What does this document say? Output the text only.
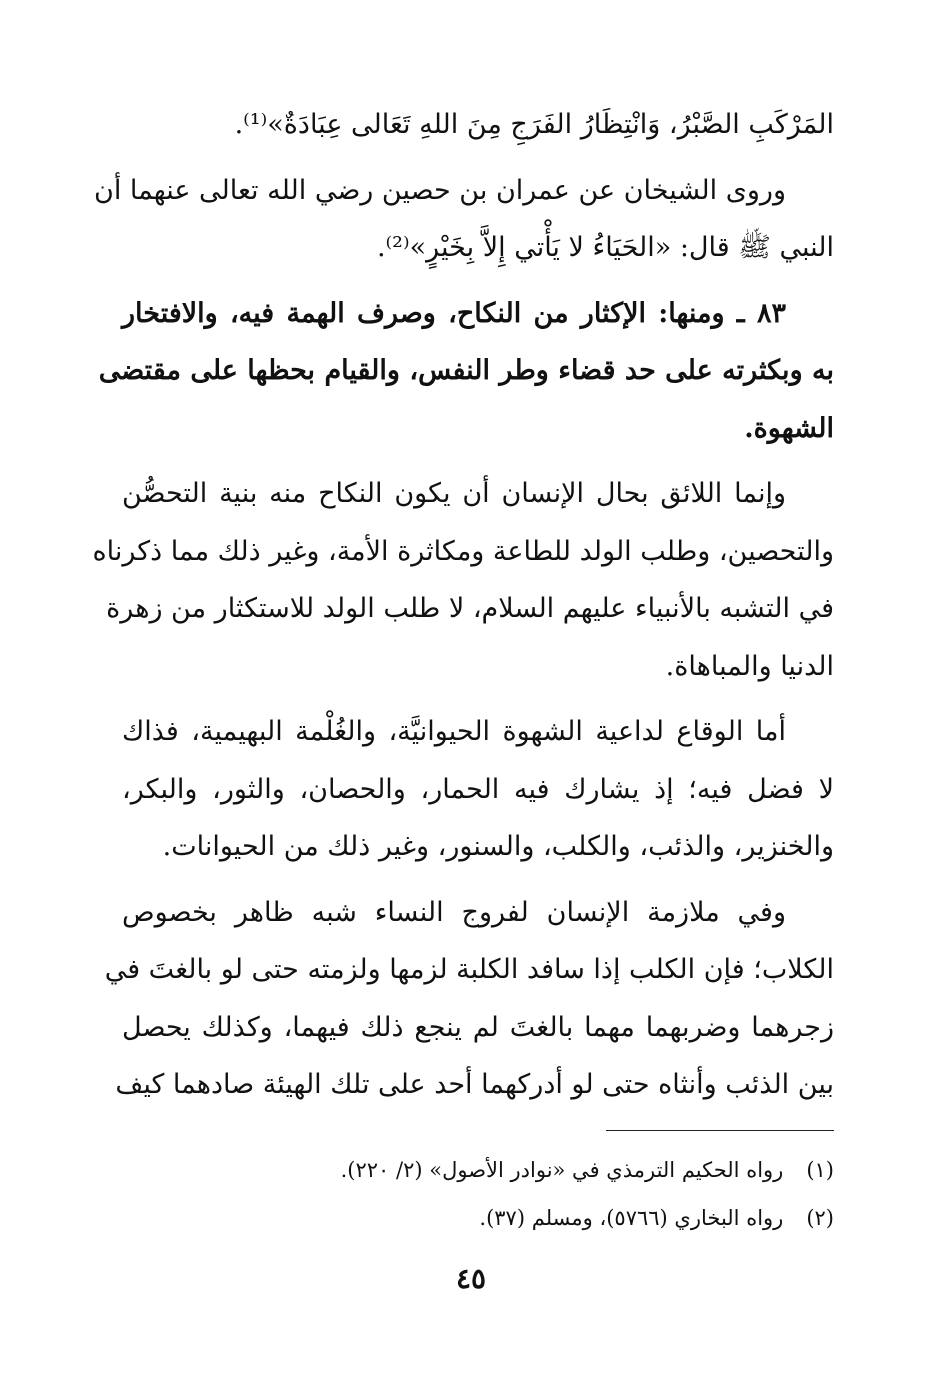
المَرْكَبِ الصَّبْرُ، وَانْتِظَارُ الفَرَجِ مِنَ اللهِ تَعَالى عِبَادَةٌ»⁽¹⁾.
وروى الشيخان عن عمران بن حصين رضي الله تعالى عنهما أن
النبي ﷺ قال: «الحَيَاءُ لا يَأْتي إِلاَّ بِخَيْرٍ»⁽²⁾.
٨٣ ـ ومنها: الإكثار من النكاح، وصرف الهمة فيه، والافتخار
به وبكثرته على حد قضاء وطر النفس، والقيام بحظها على مقتضى
الشهوة.
وإنما اللائق بحال الإنسان أن يكون النكاح منه بنية التحصُّن
والتحصين، وطلب الولد للطاعة ومكاثرة الأمة، وغير ذلك مما ذكرناه
في التشبه بالأنبياء عليهم السلام، لا طلب الولد للاستكثار من زهرة
الدنيا والمباهاة.
أما الوقاع لداعية الشهوة الحيوانيَّة، والغُلْمة البهيمية، فذاك
لا فضل فيه؛ إذ يشارك فيه الحمار، والحصان، والثور، والبكر،
والخنزير، والذئب، والكلب، والسنور، وغير ذلك من الحيوانات.
وفي ملازمة الإنسان لفروج النساء شبه ظاهر بخصوص
الكلاب؛ فإن الكلب إذا سافد الكلبة لزمها ولزمته حتى لو بالغتَ في
زجرهما وضربهما مهما بالغتَ لم ينجع ذلك فيهما، وكذلك يحصل
بين الذئب وأنثاه حتى لو أدركهما أحد على تلك الهيئة صادهما كيف
(١) رواه الحكيم الترمذي في «نوادر الأصول» (٢/ ٢٢٠).
(٢) رواه البخاري (٥٧٦٦)، ومسلم (٣٧).
٤٥
